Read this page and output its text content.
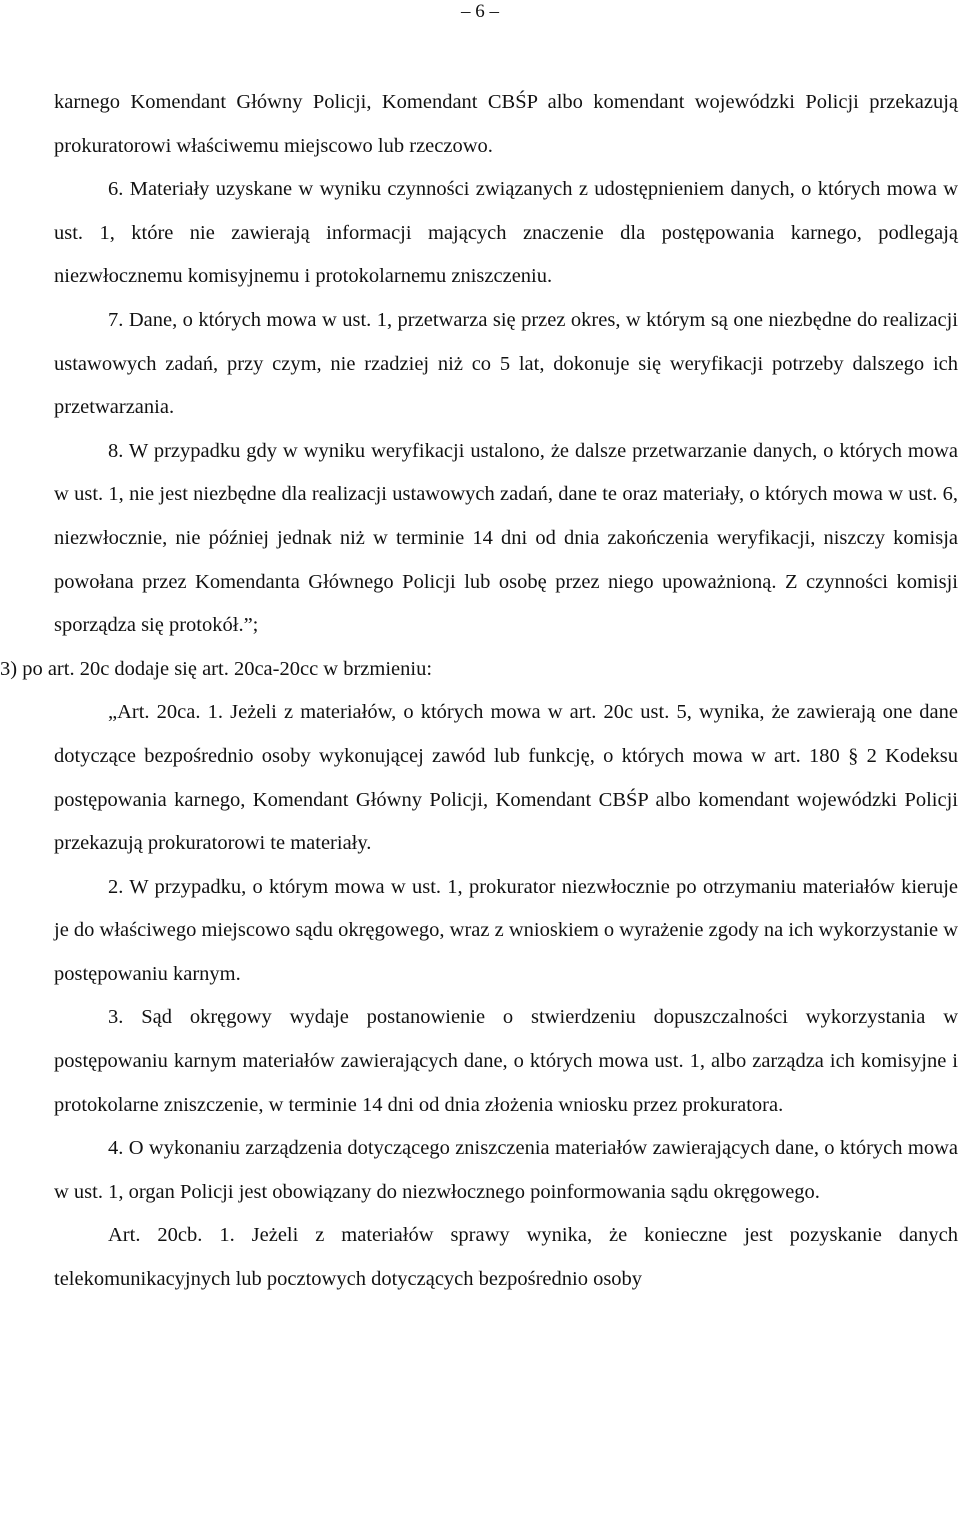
– 6 –

karnego Komendant Główny Policji, Komendant CBŚP albo komendant wojewódzki Policji przekazują prokuratorowi właściwemu miejscowo lub rzeczowo.

6. Materiały uzyskane w wyniku czynności związanych z udostępnieniem danych, o których mowa w ust. 1, które nie zawierają informacji mających znaczenie dla postępowania karnego, podlegają niezwłocznemu komisyjnemu i protokolarnemu zniszczeniu.

7. Dane, o których mowa w ust. 1, przetwarza się przez okres, w którym są one niezbędne do realizacji ustawowych zadań, przy czym, nie rzadziej niż co 5 lat, dokonuje się weryfikacji potrzeby dalszego ich przetwarzania.

8. W przypadku gdy w wyniku weryfikacji ustalono, że dalsze przetwarzanie danych, o których mowa w ust. 1, nie jest niezbędne dla realizacji ustawowych zadań, dane te oraz materiały, o których mowa w ust. 6, niezwłocznie, nie później jednak niż w terminie 14 dni od dnia zakończenia weryfikacji, niszczy komisja powołana przez Komendanta Głównego Policji lub osobę przez niego upoważnioną. Z czynności komisji sporządza się protokół.”;

3) po art. 20c dodaje się art. 20ca-20cc w brzmieniu:

„Art. 20ca. 1. Jeżeli z materiałów, o których mowa w art. 20c ust. 5, wynika, że zawierają one dane dotyczące bezpośrednio osoby wykonującej zawód lub funkcję, o których mowa w art. 180 § 2 Kodeksu postępowania karnego, Komendant Główny Policji, Komendant CBŚP albo komendant wojewódzki Policji przekazują prokuratorowi te materiały.

2. W przypadku, o którym mowa w ust. 1, prokurator niezwłocznie po otrzymaniu materiałów kieruje je do właściwego miejscowo sądu okręgowego, wraz z wnioskiem o wyrażenie zgody na ich wykorzystanie w postępowaniu karnym.

3. Sąd okręgowy wydaje postanowienie o stwierdzeniu dopuszczalności wykorzystania w postępowaniu karnym materiałów zawierających dane, o których mowa ust. 1, albo zarządza ich komisyjne i protokolarne zniszczenie, w terminie 14 dni od dnia złożenia wniosku przez prokuratora.

4. O wykonaniu zarządzenia dotyczącego zniszczenia materiałów zawierających dane, o których mowa w ust. 1, organ Policji jest obowiązany do niezwłocznego poinformowania sądu okręgowego.

Art. 20cb. 1. Jeżeli z materiałów sprawy wynika, że konieczne jest pozyskanie danych telekomunikacyjnych lub pocztowych dotyczących bezpośrednio osoby
